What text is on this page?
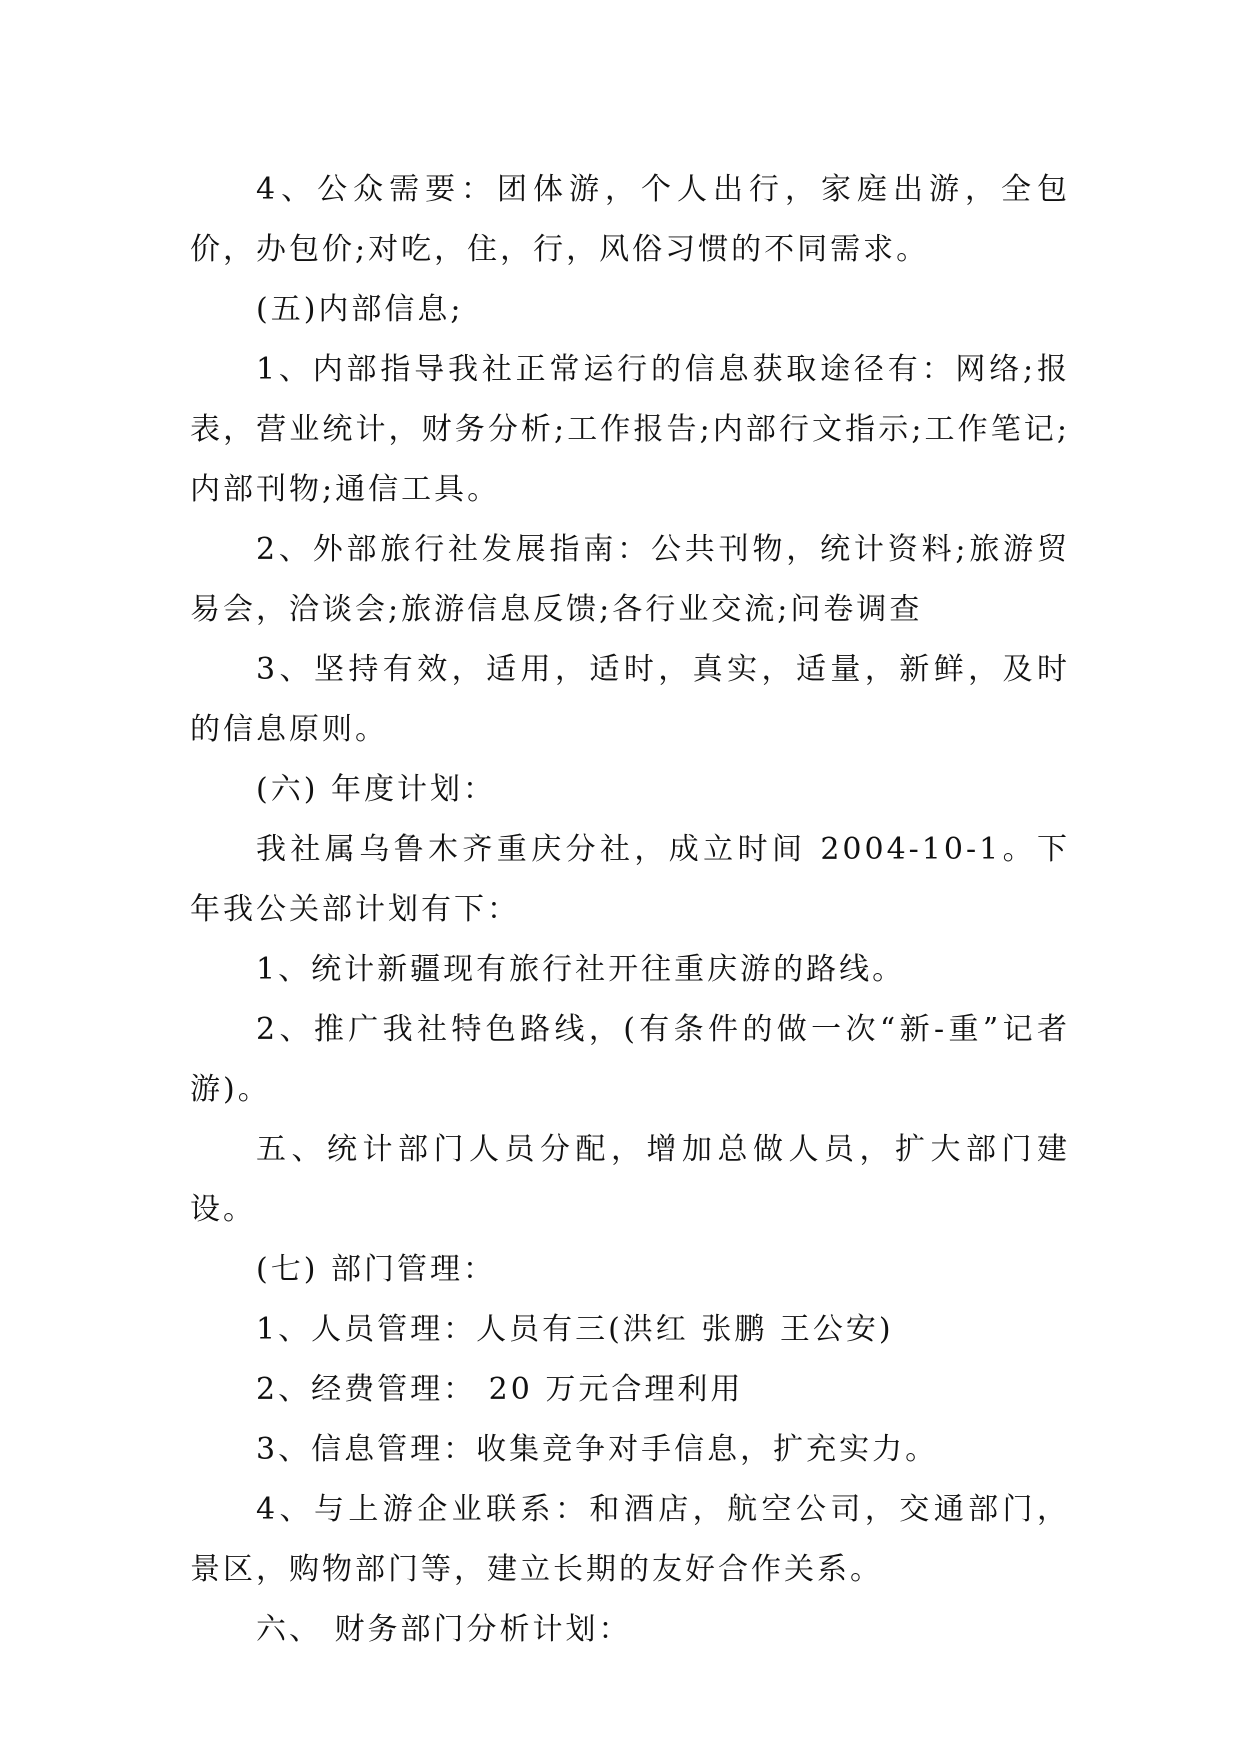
4、公众需要：团体游，个人出行，家庭出游，全包价，办包价;对吃，住，行，风俗习惯的不同需求。

(五)内部信息;

1、内部指导我社正常运行的信息获取途径有：网络;报表，营业统计，财务分析;工作报告;内部行文指示;工作笔记;内部刊物;通信工具。

2、外部旅行社发展指南：公共刊物，统计资料;旅游贸易会，洽谈会;旅游信息反馈;各行业交流;问卷调查

3、坚持有效，适用，适时，真实，适量，新鲜，及时的信息原则。

(六) 年度计划：

我社属乌鲁木齐重庆分社，成立时间 2004-10-1。下年我公关部计划有下：

1、统计新疆现有旅行社开往重庆游的路线。

2、推广我社特色路线，(有条件的做一次“新-重”记者游)。

五、统计部门人员分配，增加总做人员，扩大部门建设。

(七) 部门管理：

1、人员管理：人员有三(洪红 张鹏 王公安)

2、经费管理： 20 万元合理利用

3、信息管理：收集竞争对手信息，扩充实力。

4、与上游企业联系：和酒店，航空公司，交通部门，景区，购物部门等，建立长期的友好合作关系。

六、 财务部门分析计划：
